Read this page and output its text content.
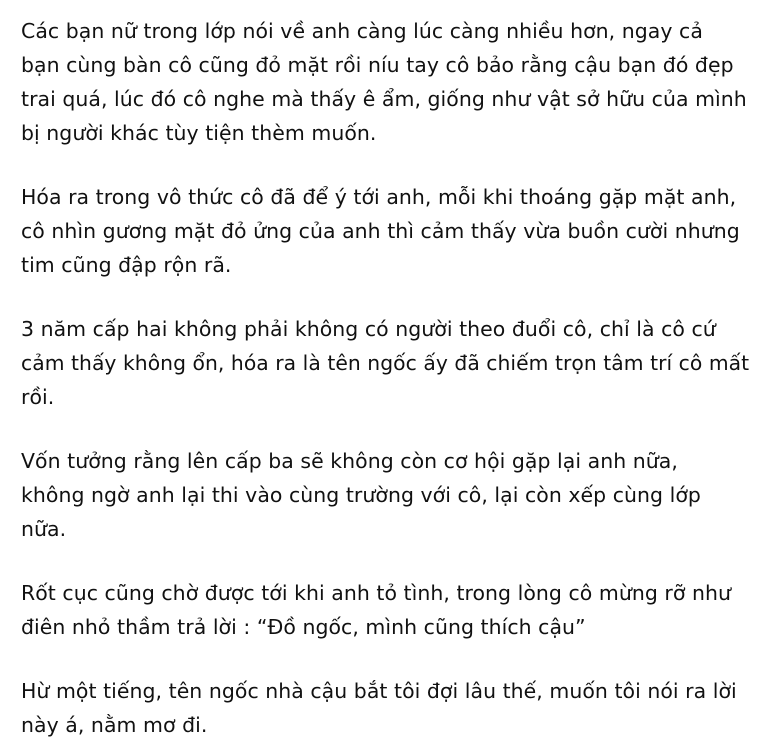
Các bạn nữ trong lớp nói về anh càng lúc càng nhiều hơn, ngay cả
bạn cùng bàn cô cũng đỏ mặt rồi níu tay cô bảo rằng cậu bạn đó đẹp
trai quá, lúc đó cô nghe mà thấy ê ẩm, giống như vật sở hữu của mình
bị người khác tùy tiện thèm muốn.

Hóa ra trong vô thức cô đã để ý tới anh, mỗi khi thoáng gặp mặt anh,
cô nhìn gương mặt đỏ ửng của anh thì cảm thấy vừa buồn cười nhưng
tim cũng đập rộn rã.

3 năm cấp hai không phải không có người theo đuổi cô, chỉ là cô cứ
cảm thấy không ổn, hóa ra là tên ngốc ấy đã chiếm trọn tâm trí cô mất
rồi.

Vốn tưởng rằng lên cấp ba sẽ không còn cơ hội gặp lại anh nữa,
không ngờ anh lại thi vào cùng trường với cô, lại còn xếp cùng lớp
nữa.

Rốt cục cũng chờ được tới khi anh tỏ tình, trong lòng cô mừng rỡ như
điên nhỏ thầm trả lời : “Đồ ngốc, mình cũng thích cậu”

Hừ một tiếng, tên ngốc nhà cậu bắt tôi đợi lâu thế, muốn tôi nói ra lời
này á, nằm mơ đi.
